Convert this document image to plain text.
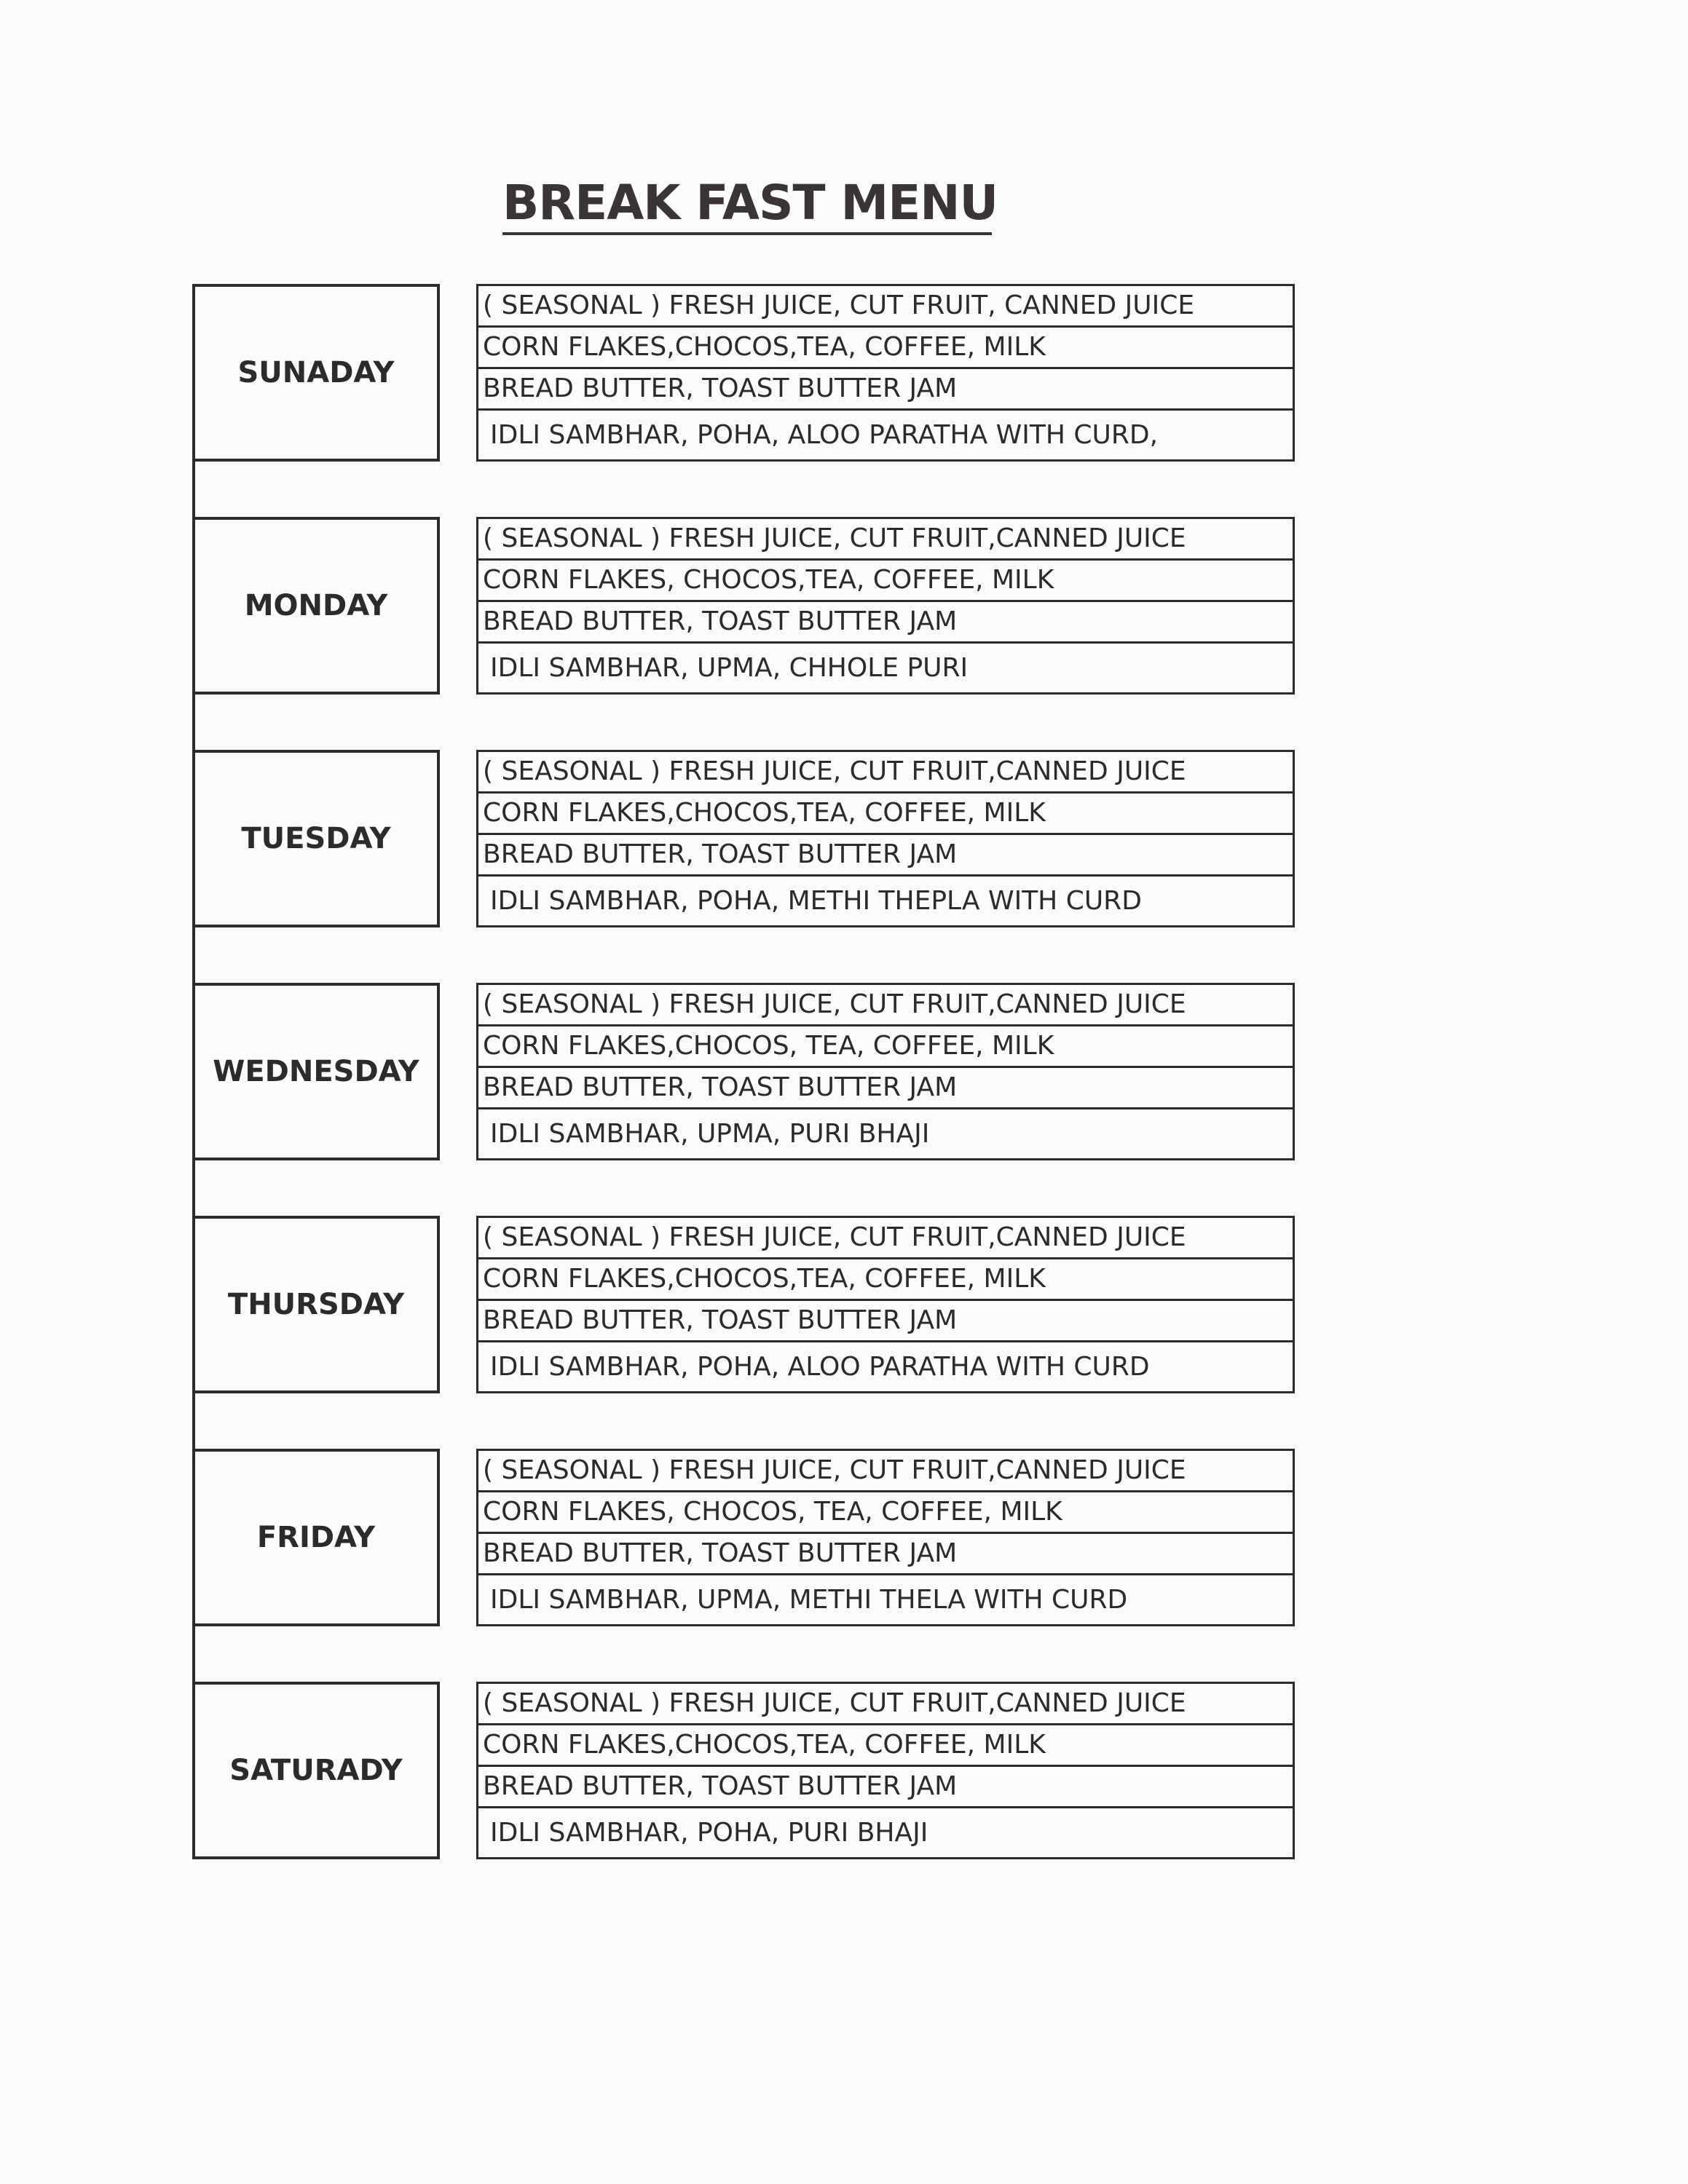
BREAK FAST MENU
SUNADAY
( SEASONAL ) FRESH JUICE, CUT FRUIT, CANNED JUICE
CORN FLAKES,CHOCOS,TEA, COFFEE, MILK
BREAD BUTTER, TOAST BUTTER JAM
IDLI SAMBHAR, POHA, ALOO PARATHA WITH CURD,
MONDAY
( SEASONAL ) FRESH JUICE, CUT FRUIT,CANNED JUICE
CORN FLAKES, CHOCOS,TEA, COFFEE, MILK
BREAD BUTTER, TOAST BUTTER JAM
IDLI SAMBHAR, UPMA, CHHOLE PURI
TUESDAY
( SEASONAL ) FRESH JUICE, CUT FRUIT,CANNED JUICE
CORN FLAKES,CHOCOS,TEA, COFFEE, MILK
BREAD BUTTER, TOAST BUTTER JAM
IDLI SAMBHAR, POHA, METHI THEPLA WITH CURD
WEDNESDAY
( SEASONAL ) FRESH JUICE, CUT FRUIT,CANNED JUICE
CORN FLAKES,CHOCOS, TEA, COFFEE, MILK
BREAD BUTTER, TOAST BUTTER JAM
IDLI SAMBHAR, UPMA, PURI BHAJI
THURSDAY
( SEASONAL ) FRESH JUICE, CUT FRUIT,CANNED JUICE
CORN FLAKES,CHOCOS,TEA, COFFEE, MILK
BREAD BUTTER, TOAST BUTTER JAM
IDLI SAMBHAR, POHA, ALOO PARATHA WITH CURD
FRIDAY
( SEASONAL ) FRESH JUICE, CUT FRUIT,CANNED JUICE
CORN FLAKES, CHOCOS, TEA, COFFEE, MILK
BREAD BUTTER, TOAST BUTTER JAM
IDLI SAMBHAR, UPMA, METHI THELA WITH CURD
SATURADY
( SEASONAL ) FRESH JUICE, CUT FRUIT,CANNED JUICE
CORN FLAKES,CHOCOS,TEA, COFFEE, MILK
BREAD BUTTER, TOAST BUTTER JAM
IDLI SAMBHAR, POHA, PURI BHAJI
